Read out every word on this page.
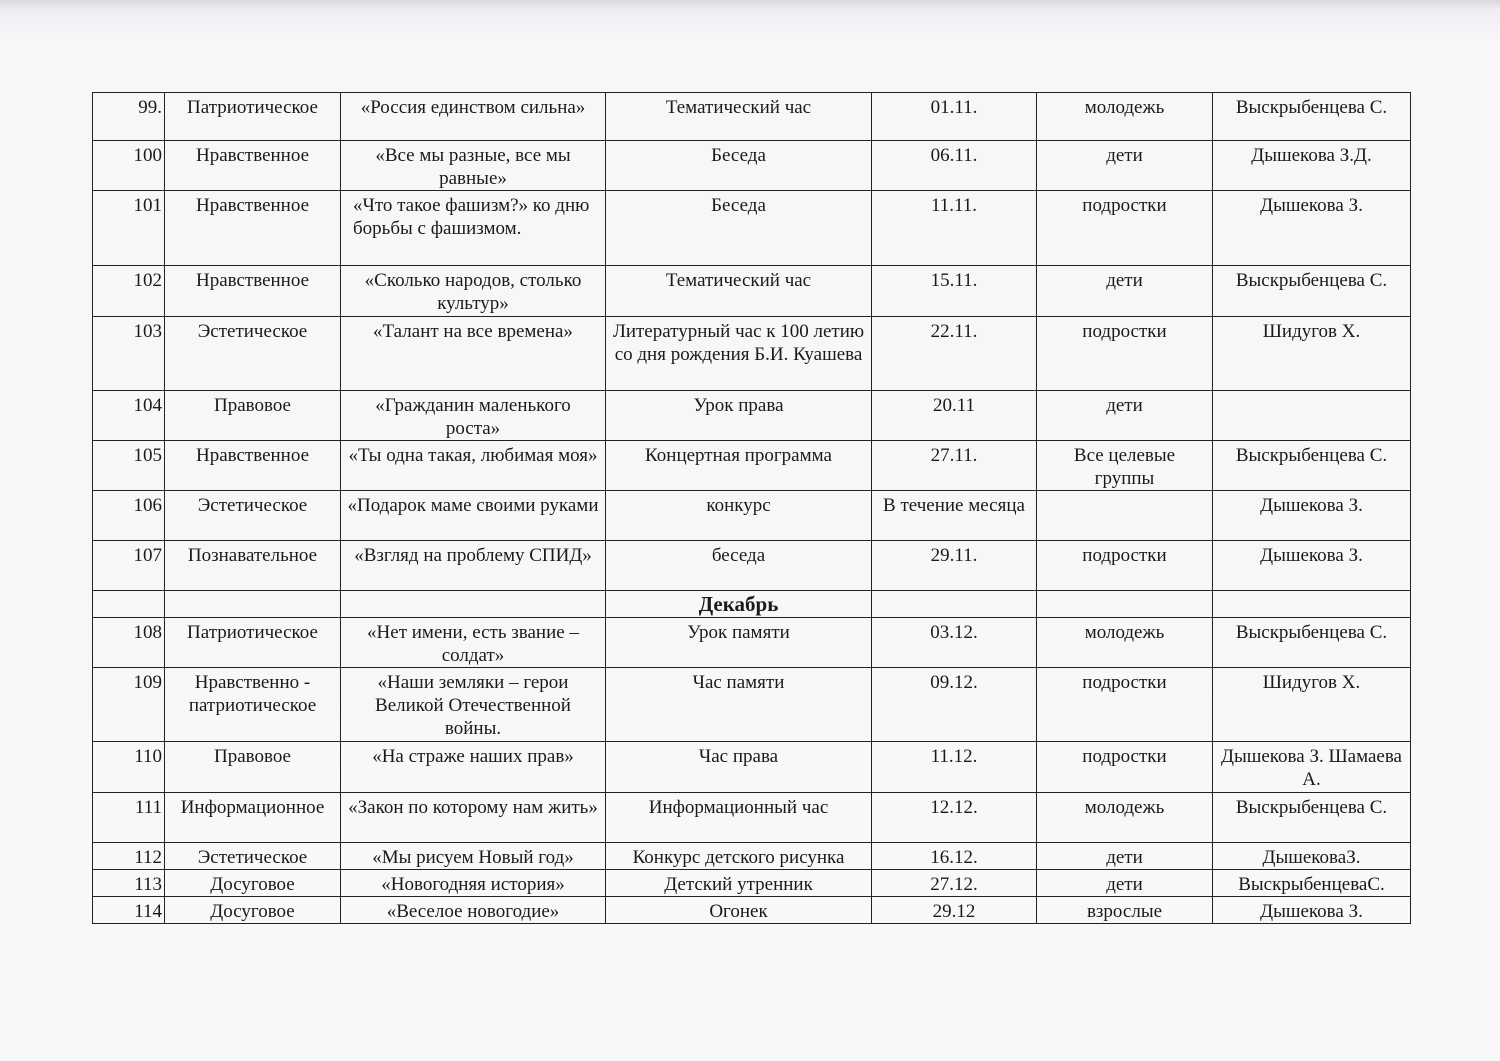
99.	Патриотическое	«Россия единством сильна»	Тематический час	01.11.	молодежь	Выскрыбенцева С.
100	Нравственное	«Все мы разные, все мы равные»	Беседа	06.11.	дети	Дышекова З.Д.
101	Нравственное	«Что такое фашизм?» ко дню борьбы с фашизмом.	Беседа	11.11.	подростки	Дышекова З.
102	Нравственное	«Сколько народов, столько культур»	Тематический час	15.11.	дети	Выскрыбенцева С.
103	Эстетическое	«Талант на все времена»	Литературный час к 100 летию со дня рождения Б.И. Куашева	22.11.	подростки	Шидугов Х.
104	Правовое	«Гражданин маленького роста»	Урок права	20.11	дети	
105	Нравственное	«Ты одна такая, любимая моя»	Концертная программа	27.11.	Все целевые группы	Выскрыбенцева С.
106	Эстетическое	«Подарок маме своими руками	конкурс	В течение месяца		Дышекова З.
107	Познавательное	«Взгляд на проблему СПИД»	беседа	29.11.	подростки	Дышекова З.
			Декабрь			
108	Патриотическое	«Нет имени, есть звание – солдат»	Урок памяти	03.12.	молодежь	Выскрыбенцева С.
109	Нравственно - патриотическое	«Наши земляки – герои Великой Отечественной войны.	Час памяти	09.12.	подростки	Шидугов Х.
110	Правовое	«На страже наших прав»	Час права	11.12.	подростки	Дышекова З. Шамаева А.
111	Информационное	«Закон по которому нам жить»	Информационный час	12.12.	молодежь	Выскрыбенцева С.
112	Эстетическое	«Мы рисуем Новый год»	Конкурс детского рисунка	16.12.	дети	ДышековаЗ.
113	Досуговое	«Новогодняя история»	Детский утренник	27.12.	дети	ВыскрыбенцеваС.
114	Досуговое	«Веселое новогодие»	Огонек	29.12	взрослые	Дышекова З.
